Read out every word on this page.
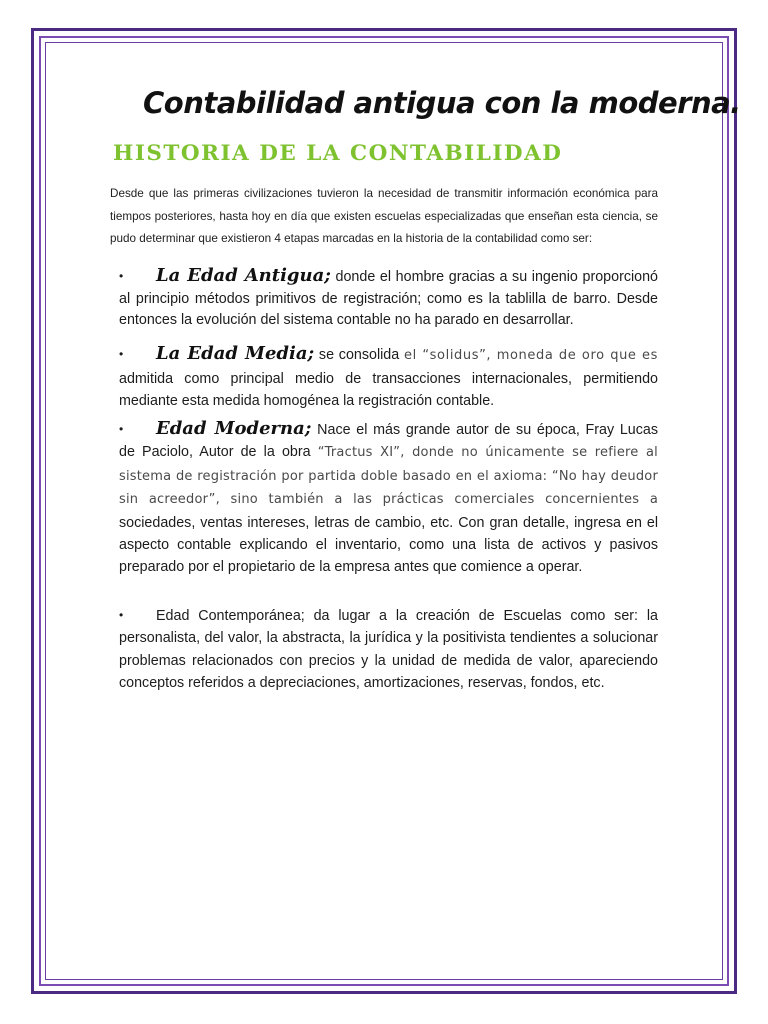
Contabilidad antigua con la moderna.
HISTORIA DE LA CONTABILIDAD

Desde que las primeras civilizaciones tuvieron la necesidad de transmitir información económica para tiempos posteriores, hasta hoy en día que existen escuelas especializadas que enseñan esta ciencia, se pudo determinar que existieron 4 etapas marcadas en la historia de la contabilidad como ser:

• La Edad Antigua; donde el hombre gracias a su ingenio proporcionó al principio métodos primitivos de registración; como es la tablilla de barro. Desde entonces la evolución del sistema contable no ha parado en desarrollar.

• La Edad Media; se consolida el “solidus”, moneda de oro que es admitida como principal medio de transacciones internacionales, permitiendo mediante esta medida homogénea la registración contable.

• Edad Moderna; Nace el más grande autor de su época, Fray Lucas de Paciolo, Autor de la obra “Tractus XI”, donde no únicamente se refiere al sistema de registración por partida doble basado en el axioma: “No hay deudor sin acreedor”, sino también a las prácticas comerciales concernientes a sociedades, ventas intereses, letras de cambio, etc. Con gran detalle, ingresa en el aspecto contable explicando el inventario, como una lista de activos y pasivos preparado por el propietario de la empresa antes que comience a operar.

• Edad Contemporánea; da lugar a la creación de Escuelas como ser: la personalista, del valor, la abstracta, la jurídica y la positivista tendientes a solucionar problemas relacionados con precios y la unidad de medida de valor, apareciendo conceptos referidos a depreciaciones, amortizaciones, reservas, fondos, etc.
